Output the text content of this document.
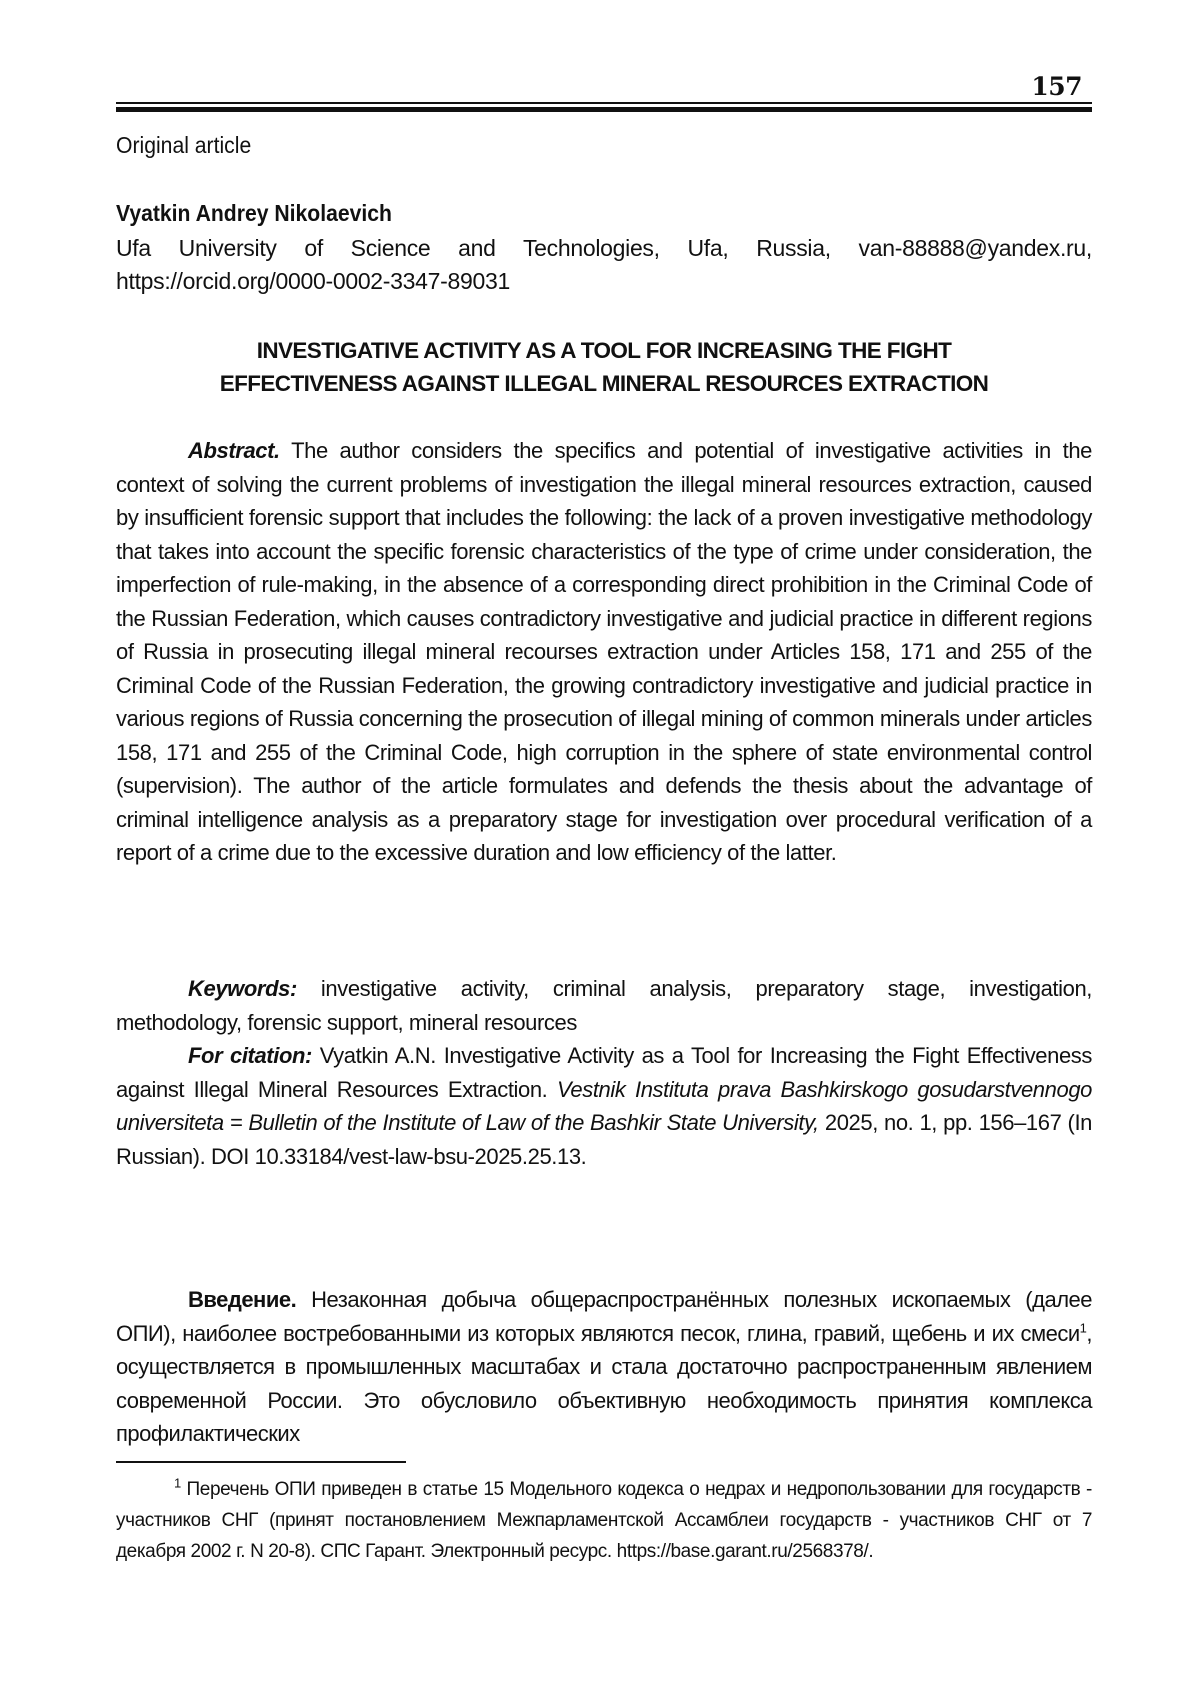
157
Original article
Vyatkin Andrey Nikolaevich
Ufa University of Science and Technologies, Ufa, Russia, van-88888@yandex.ru, https://orcid.org/0000-0002-3347-89031
INVESTIGATIVE ACTIVITY AS A TOOL FOR INCREASING THE FIGHT
EFFECTIVENESS AGAINST ILLEGAL MINERAL RESOURCES EXTRACTION

Abstract. The author considers the specifics and potential of investigative activities in the context of solving the current problems of investigation the illegal mineral resources extraction, caused by insufficient forensic support that includes the following: the lack of a proven investigative methodology that takes into account the specific forensic characteristics of the type of crime under consideration, the imperfection of rule-making, in the absence of a corresponding direct prohibition in the Criminal Code of the Russian Federation, which causes contradictory investigative and judicial practice in different regions of Russia in prosecuting illegal mineral recourses extraction under Articles 158, 171 and 255 of the Criminal Code of the Russian Federation, the growing contradictory investigative and judicial practice in various regions of Russia concerning the prosecution of illegal mining of common minerals under articles 158, 171 and 255 of the Criminal Code, high corruption in the sphere of state environmental control (supervision). The author of the article formulates and defends the thesis about the advantage of criminal intelligence analysis as a preparatory stage for investigation over procedural verification of a report of a crime due to the excessive duration and low efficiency of the latter.

Keywords: investigative activity, criminal analysis, preparatory stage, investigation, methodology, forensic support, mineral resources

For citation: Vyatkin A.N. Investigative Activity as a Tool for Increasing the Fight Effectiveness against Illegal Mineral Resources Extraction. Vestnik Instituta prava Bashkirskogo gosudarstvennogo universiteta = Bulletin of the Institute of Law of the Bashkir State University, 2025, no. 1, pp. 156–167 (In Russian). DOI 10.33184/vest-law-bsu-2025.25.13.

Введение. Незаконная добыча общераспространённых полезных ископаемых (далее ОПИ), наиболее востребованными из которых являются песок, глина, гравий, щебень и их смеси$^1$, осуществляется в промышленных масштабах и стала достаточно распространенным явлением современной России. Это обусловило объективную необходимость принятия комплекса профилактических

$^1$ Перечень ОПИ приведен в статье 15 Модельного кодекса о недрах и недропользовании для государств - участников СНГ (принят постановлением Межпарламентской Ассамблеи государств - участников СНГ от 7 декабря 2002 г. N 20-8). СПС Гарант. Электронный ресурс. https://base.garant.ru/2568378/.
